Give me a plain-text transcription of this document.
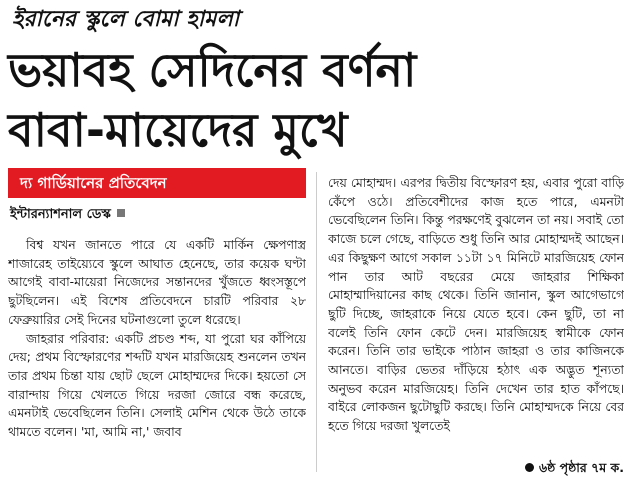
ইরানের স্কুলে বোমা হামলা
ভয়াবহ সেদিনের বর্ণনা
বাবা-মায়েদের মুখে
দ্য গার্ডিয়ানের প্রতিবেদন
ইন্টারন্যাশনাল ডেস্ক

বিশ্ব যখন জানতে পারে যে একটি মার্কিন ক্ষেপণাস্ত্র শাজারেহ তাইয়্যেবে স্কুলে আঘাত হেনেছে, তার কয়েক ঘণ্টা আগেই বাবা-মায়েরা নিজেদের সন্তানদের খুঁজতে ধ্বংসস্তূপে ছুটছিলেন। এই বিশেষ প্রতিবেদনে চারটি পরিবার ২৮ ফেব্রুয়ারির সেই দিনের ঘটনাগুলো তুলে ধরেছে।

জাহরার পরিবার: একটি প্রচণ্ড শব্দ, যা পুরো ঘর কাঁপিয়ে দেয়; প্রথম বিস্ফোরণের শব্দটি যখন মারজিয়েহ শুনলেন তখন তার প্রথম চিন্তা যায় ছোট ছেলে মোহাম্মদের দিকে। হয়তো সে বারান্দায় গিয়ে খেলতে গিয়ে দরজা জোরে বন্ধ করেছে, এমনটাই ভেবেছিলেন তিনি। সেলাই মেশিন থেকে উঠে তাকে থামতে বলেন। 'মা, আমি না,' জবাব

দেয় মোহাম্মদ। এরপর দ্বিতীয় বিস্ফোরণ হয়, এবার পুরো বাড়ি কেঁপে ওঠে। প্রতিবেশীদের কাজ হতে পারে, এমনটা ভেবেছিলেন তিনি। কিন্তু পরক্ষণেই বুঝলেন তা নয়। সবাই তো কাজে চলে গেছে, বাড়িতে শুধু তিনি আর মোহাম্মদই আছেন। এর কিছুক্ষণ আগে সকাল ১১টা ১৭ মিনিটে মারজিয়েহ ফোন পান তার আট বছরের মেয়ে জাহরার শিক্ষিকা মোহাম্মাদিয়ানের কাছ থেকে। তিনি জানান, স্কুল আগেভাগে ছুটি দিচ্ছে, জাহরাকে নিয়ে যেতে হবে। কেন ছুটি, তা না বলেই তিনি ফোন কেটে দেন। মারজিয়েহ স্বামীকে ফোন করেন। তিনি তার ভাইকে পাঠান জাহরা ও তার কাজিনকে আনতে। বাড়ির ভেতর দাঁড়িয়ে হঠাৎ এক অদ্ভুত শূন্যতা অনুভব করেন মারজিয়েহ। তিনি দেখেন তার হাত কাঁপছে। বাইরে লোকজন ছুটোছুটি করছে। তিনি মোহাম্মদকে নিয়ে বের হতে গিয়ে দরজা খুলতেই

৬ষ্ঠ পৃষ্ঠার ৭ম ক.
